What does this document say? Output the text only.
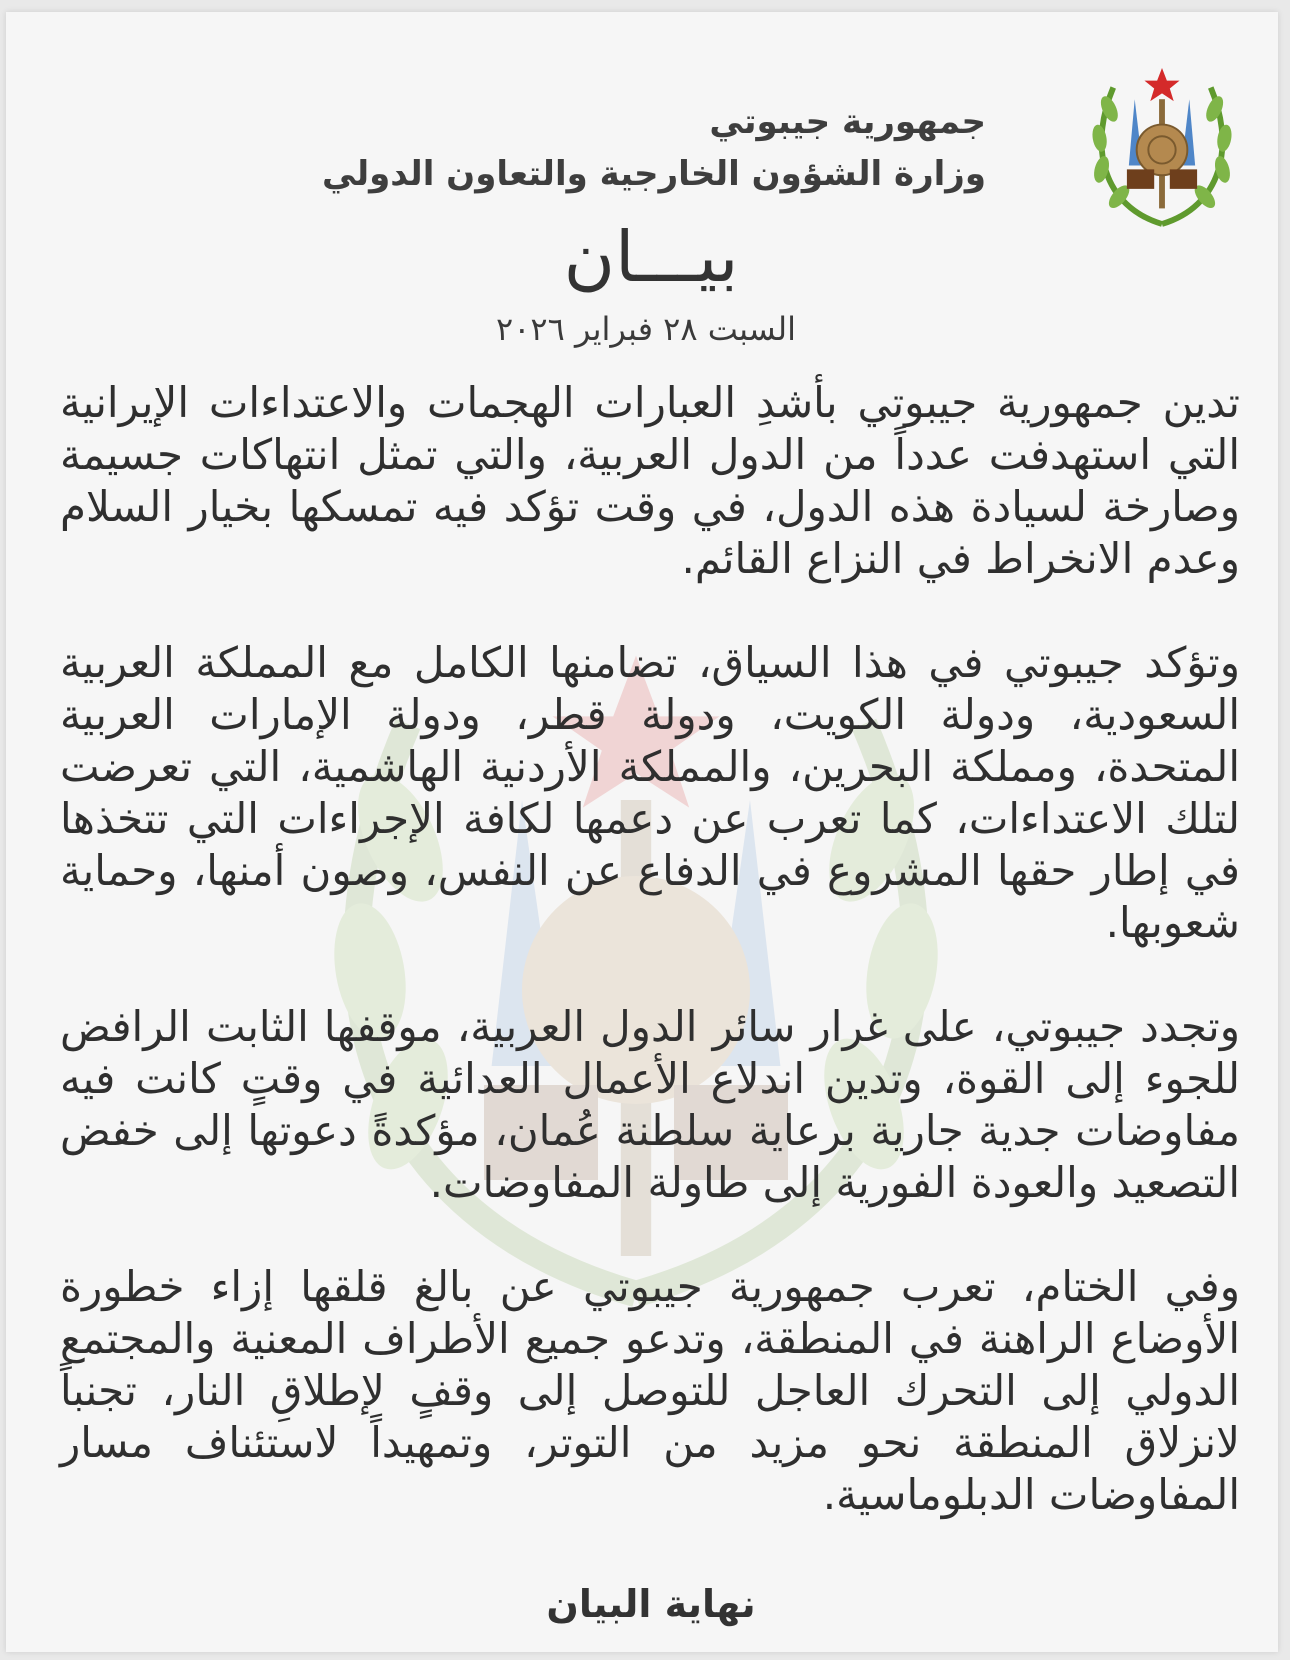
جمهورية جيبوتي
وزارة الشؤون الخارجية والتعاون الدولي
بيـــان
السبت ٢٨ فبراير ٢٠٢٦

تدين جمهورية جيبوتي بأشدِ العبارات الهجمات والاعتداءات الإيرانية التي استهدفت عدداً من الدول العربية، والتي تمثل انتهاكات جسيمة وصارخة لسيادة هذه الدول، في وقت تؤكد فيه تمسكها بخيار السلام وعدم الانخراط في النزاع القائم.

وتؤكد جيبوتي في هذا السياق، تضامنها الكامل مع المملكة العربية السعودية، ودولة الكويت، ودولة قطر، ودولة الإمارات العربية المتحدة، ومملكة البحرين، والمملكة الأردنية الهاشمية، التي تعرضت لتلك الاعتداءات، كما تعرب عن دعمها لكافة الإجراءات التي تتخذها في إطار حقها المشروع في الدفاع عن النفس، وصون أمنها، وحماية شعوبها.

وتجدد جيبوتي، على غرار سائر الدول العربية، موقفها الثابت الرافض للجوء إلى القوة، وتدين اندلاع الأعمال العدائية في وقتٍ كانت فيه مفاوضات جدية جارية برعاية سلطنة عُمان، مؤكدةً دعوتها إلى خفض التصعيد والعودة الفورية إلى طاولة المفاوضات.

وفي الختام، تعرب جمهورية جيبوتي عن بالغ قلقها إزاء خطورة الأوضاع الراهنة في المنطقة، وتدعو جميع الأطراف المعنية والمجتمع الدولي إلى التحرك العاجل للتوصل إلى وقفٍ لإطلاقِ النار، تجنباً لانزلاق المنطقة نحو مزيد من التوتر، وتمهيداً لاستئناف مسار المفاوضات الدبلوماسية.

نهاية البيان
